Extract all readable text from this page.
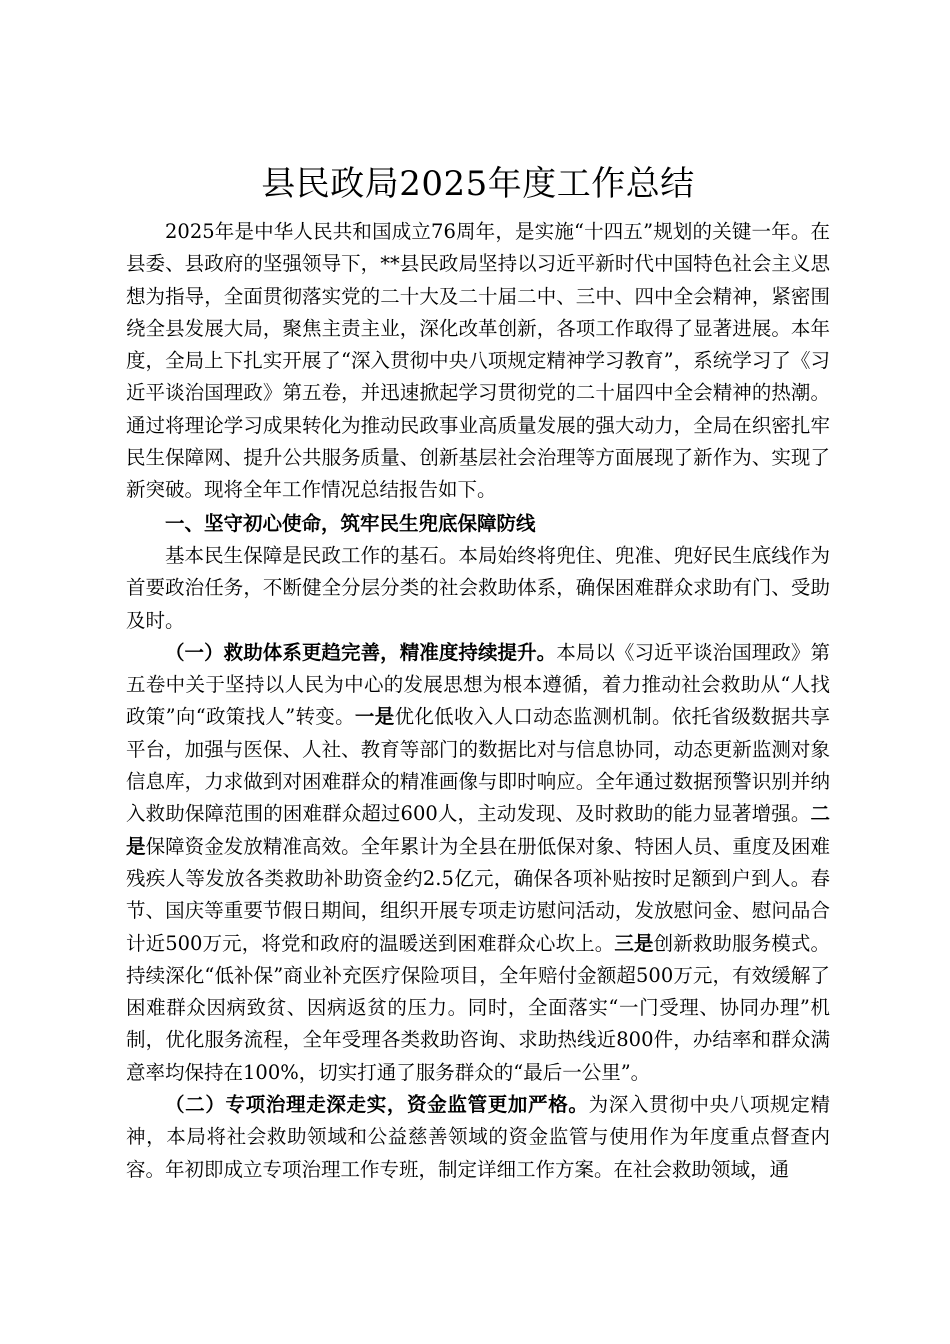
县民政局2025年度工作总结

2025年是中华人民共和国成立76周年，是实施“十四五”规划的关键一年。在县委、县政府的坚强领导下，**县民政局坚持以习近平新时代中国特色社会主义思想为指导，全面贯彻落实党的二十大及二十届二中、三中、四中全会精神，紧密围绕全县发展大局，聚焦主责主业，深化改革创新，各项工作取得了显著进展。本年度，全局上下扎实开展了“深入贯彻中央八项规定精神学习教育”，系统学习了《习近平谈治国理政》第五卷，并迅速掀起学习贯彻党的二十届四中全会精神的热潮。通过将理论学习成果转化为推动民政事业高质量发展的强大动力，全局在织密扎牢民生保障网、提升公共服务质量、创新基层社会治理等方面展现了新作为、实现了新突破。现将全年工作情况总结报告如下。

一、坚守初心使命，筑牢民生兜底保障防线

基本民生保障是民政工作的基石。本局始终将兜住、兜准、兜好民生底线作为首要政治任务，不断健全分层分类的社会救助体系，确保困难群众求助有门、受助及时。

（一）救助体系更趋完善，精准度持续提升。本局以《习近平谈治国理政》第五卷中关于坚持以人民为中心的发展思想为根本遵循，着力推动社会救助从“人找政策”向“政策找人”转变。一是优化低收入人口动态监测机制。依托省级数据共享平台，加强与医保、人社、教育等部门的数据比对与信息协同，动态更新监测对象信息库，力求做到对困难群众的精准画像与即时响应。全年通过数据预警识别并纳入救助保障范围的困难群众超过600人，主动发现、及时救助的能力显著增强。二是保障资金发放精准高效。全年累计为全县在册低保对象、特困人员、重度及困难残疾人等发放各类救助补助资金约2.5亿元，确保各项补贴按时足额到户到人。春节、国庆等重要节假日期间，组织开展专项走访慰问活动，发放慰问金、慰问品合计近500万元，将党和政府的温暖送到困难群众心坎上。三是创新救助服务模式。持续深化“低补保”商业补充医疗保险项目，全年赔付金额超500万元，有效缓解了困难群众因病致贫、因病返贫的压力。同时，全面落实“一门受理、协同办理”机制，优化服务流程，全年受理各类救助咨询、求助热线近800件，办结率和群众满意率均保持在100%，切实打通了服务群众的“最后一公里”。

（二）专项治理走深走实，资金监管更加严格。为深入贯彻中央八项规定精神，本局将社会救助领域和公益慈善领域的资金监管与使用作为年度重点督查内容。年初即成立专项治理工作专班，制定详细工作方案。在社会救助领域，通
